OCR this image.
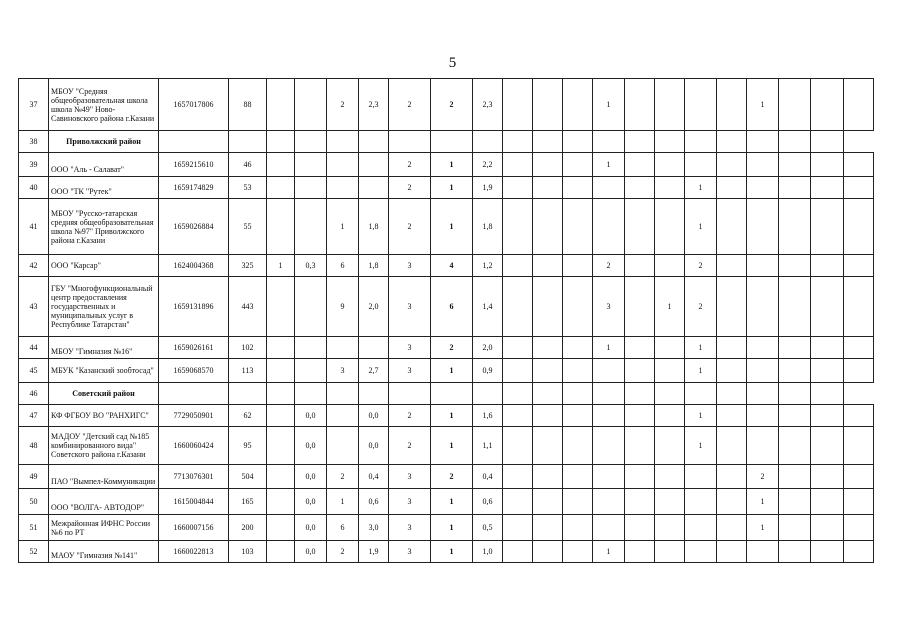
5
37	МБОУ "Средняя общеобразовательная школа школа №49" Ново-Савиновского района г.Казани	1657017806	88			2	2,3	2	2	2,3				1					1			
38	Приволжский район																					
39	ООО "Аль - Салават"	1659215610	46					2	1	2,2				1								
40	ООО "ТК "Рутек"	1659174829	53					2	1	1,9							1					
41	МБОУ "Русско-татарская средняя общеобразовательная школа №97" Приволжского района г.Казани	1659026884	55			1	1,8	2	1	1,8							1					
42	ООО "Карсар"	1624004368	325	1	0,3	6	1,8	3	4	1,2				2			2					
43	ГБУ "Многофункциональный центр предоставления государственных и муниципальных услуг в Республике Татарстан"	1659131896	443			9	2,0	3	6	1,4				3		1	2					
44	МБОУ "Гимназия №16"	1659026161	102					3	2	2,0				1			1					
45	МБУК "Казанский зообтосад"	1659068570	113			3	2,7	3	1	0,9							1					
46	Советский район																					
47	КФ ФГБОУ ВО "РАНХИГС"	7729050901	62		0,0		0,0	2	1	1,6							1					
48	МАДОУ "Детский сад №185 комбинированного вида" Советского района г.Казани	1660060424	95		0,0		0,0	2	1	1,1							1					
49	ПАО "Вымпел-Коммуникации	7713076301	504		0,0	2	0,4	3	2	0,4									2			
50	ООО "ВОЛГА- АВТОДОР"	1615004844	165		0,0	1	0,6	3	1	0,6									1			
51	Межрайонная ИФНС России №6 по РТ	1660007156	200		0,0	6	3,0	3	1	0,5									1			
52	МАОУ "Гимназия №141"	1660022813	103		0,0	2	1,9	3	1	1,0				1								
